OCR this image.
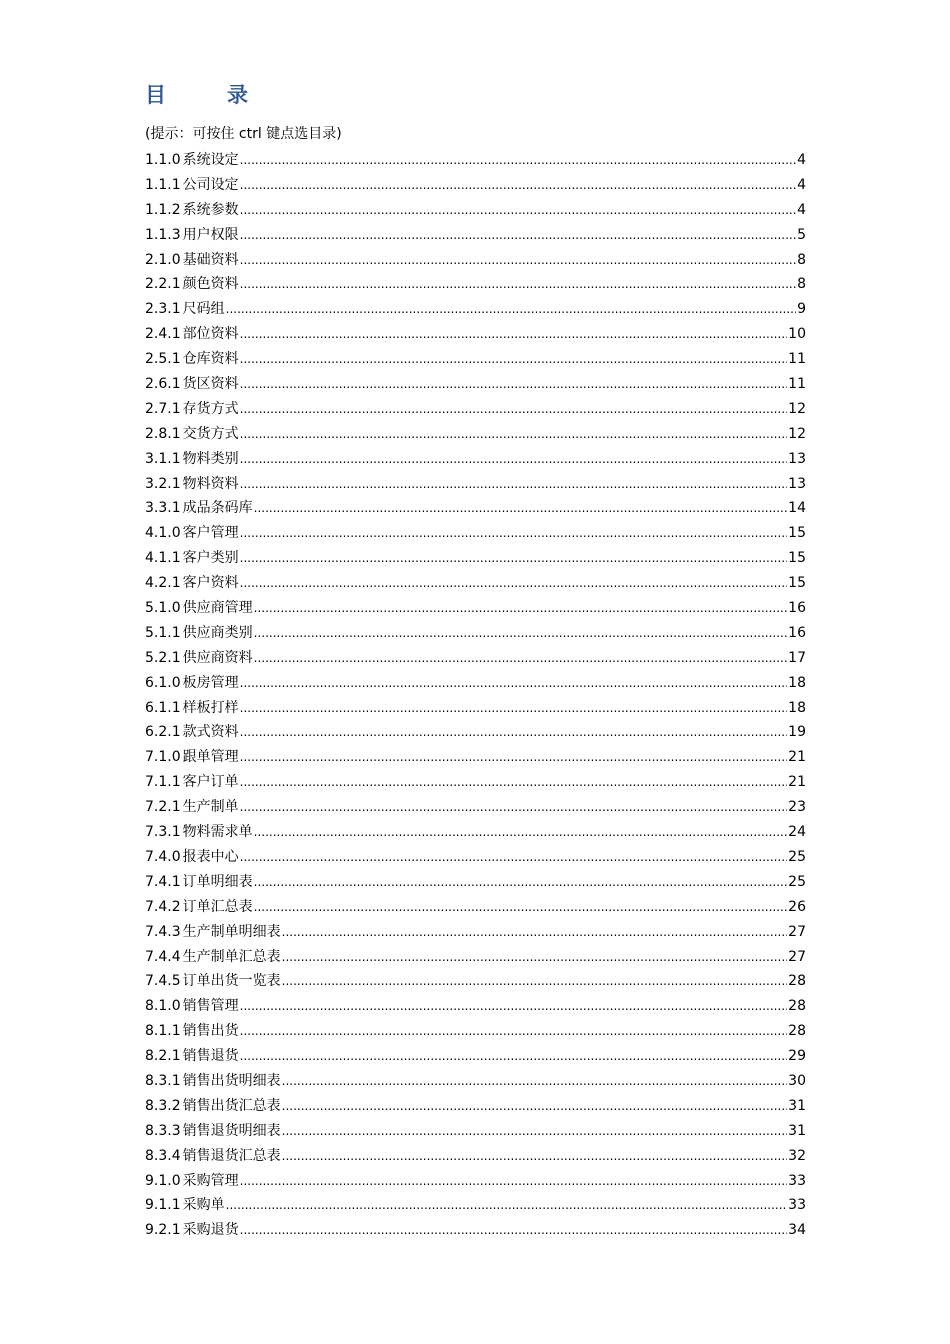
目　录
(提示：可按住 ctrl 键点选目录)
1.1.0 系统设定 .....	4
1.1.1 公司设定 .....	4
1.1.2 系统参数 .....	4
1.1.3 用户权限 .....	5
2.1.0 基础资料 .....	8
2.2.1 颜色资料 .....	8
2.3.1 尺码组 .....	9
2.4.1 部位资料 .....	10
2.5.1 仓库资料 .....	11
2.6.1 货区资料 .....	11
2.7.1 存货方式 .....	12
2.8.1 交货方式 .....	12
3.1.1 物料类别 .....	13
3.2.1 物料资料 .....	13
3.3.1 成品条码库 .....	14
4.1.0 客户管理 .....	15
4.1.1 客户类别 .....	15
4.2.1 客户资料 .....	15
5.1.0 供应商管理 .....	16
5.1.1 供应商类别 .....	16
5.2.1 供应商资料 .....	17
6.1.0 板房管理 .....	18
6.1.1 样板打样 .....	18
6.2.1 款式资料 .....	19
7.1.0 跟单管理 .....	21
7.1.1 客户订单 .....	21
7.2.1 生产制单 .....	23
7.3.1 物料需求单 .....	24
7.4.0 报表中心 .....	25
7.4.1 订单明细表 .....	25
7.4.2 订单汇总表 .....	26
7.4.3 生产制单明细表 .....	27
7.4.4 生产制单汇总表 .....	27
7.4.5 订单出货一览表 .....	28
8.1.0 销售管理 .....	28
8.1.1 销售出货 .....	28
8.2.1 销售退货 .....	29
8.3.1 销售出货明细表 .....	30
8.3.2 销售出货汇总表 .....	31
8.3.3 销售退货明细表 .....	31
8.3.4 销售退货汇总表 .....	32
9.1.0 采购管理 .....	33
9.1.1 采购单 .....	33
9.2.1 采购退货 .....	34
